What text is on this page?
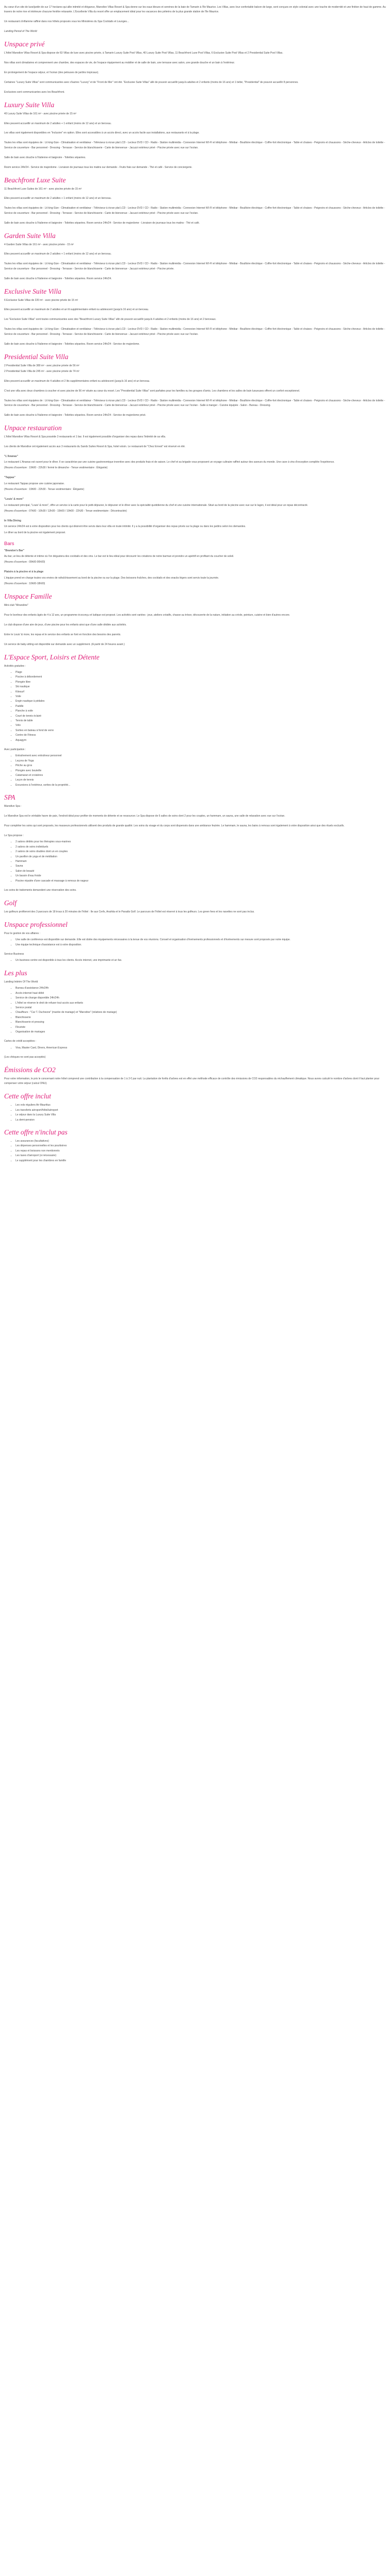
Au cœur d'un site de luxe/jardin de sur 17 hectares qui allie intimité et élégance, Marodive Villas Resort & Spa donne sur les eaux bleues et sereines de la baie de Tamarin à l'Ile Maurice. Les Villas, avec leur confortable balcon de large, sont conçues en style colonial avec une touche de modernité et une finition de haut de gamme. Au travers de notre rive et intérieure chacune fenêtre relaxante. L'Excellente Villa du resort offre un emplacement idéal pour les vacances des pèlerins de la plus grande station de l'Ile Maurice.

Un restaurant s'inflamme raffiné dans nos hôtels proposés vous les Ministères du Spa Cocktails et Lounges...

Landing Period of The World

Unspace privé

L'hôtel Marodive Villas Resort & Spa dispose de 63 Villas de luxe avec piscine privée, à Tamarin Luxury Suite Pool Villas, 40 Luxury Suite Pool Villas, 11 Beachfront Luxe Pool Villas, 6 Exclusive Suite Pool Villas et 2 Presidential Suite Pool Villas.

Nos villas sont climatisées et comprennent une chambre, des espaces de vie, de l'espace équipement au mobilier et de salle de bain, une terrasse avec salon, une grande douche et un bain à l'extérieur.

En prolongement de l'espace séjour, et l'océan (des pelouses de jardins tropicaux).

Certaines "Luxury Suite Villas" sont communicantes avec d'autres "Luxury" et de "Front de Mer" ont été. "Exclusive Suite Villas" allé de pouvoir accueillir jusqu'à adultes et 2 enfants (moins de 16 ans) et 1 bébé, "Presidential" de pouvoir accueillir 8 personnes.

Exclusives sont communicantes avec les Beachfront.

Luxury Suite Villa

40 Luxury Suite Villas de 161 m² - avec piscine privée de 15 m²

Elles peuvent accueillir un maximum de 2 adultes + 1 enfant (moins de 12 ans) et un berceau.

Les villas sont également disponibles en "Inclusive" en option. Elles sont accessibles à un accès direct, avec un accès facile aux installations, aux restaurants et à la plage.

Toutes les villas sont équipées de : Lit king-Size - Climatisation et ventilateur - Téléviseur à écran plat LCD - Lecteur DVD / CD - Radio - Station multimédia - Connexion Internet WI-FI et téléphone - Minibar - Bouilloire électrique - Coffre-fort électronique - Table et chaises - Peignoirs et chaussons - Sèche-cheveux - Articles de toilette - Service de couverture - Bar personnel - Dressing - Terrasse - Service de blanchisserie - Carte de bienvenue - Jacuzzi extérieur privé - Piscine privée avec vue sur l'océan.

Salle de bain avec douche à l'italienne et baignoire - Toilettes séparées.

Room service 24h/24 - Service de majordome - Livraison de journaux tous les matins sur demande - Fruits frais sur demande - Thé et café - Service de conciergerie.

Beachfront Luxe Suite

11 Beachfront Luxe Suites de 161 m² - avec piscine privée de 15 m²

Elles peuvent accueillir un maximum de 2 adultes + 1 enfant (moins de 12 ans) et un berceau.

Toutes les villas sont équipées de : Lit king-Size - Climatisation et ventilateur - Téléviseur à écran plat LCD - Lecteur DVD / CD - Radio - Station multimédia - Connexion Internet WI-FI et téléphone - Minibar - Bouilloire électrique - Coffre-fort électronique - Table et chaises - Peignoirs et chaussons - Sèche-cheveux - Articles de toilette - Service de couverture - Bar personnel - Dressing - Terrasse - Service de blanchisserie - Carte de bienvenue - Jacuzzi extérieur privé - Piscine privée avec vue sur l'océan.

Salle de bain avec douche à l'italienne et baignoire - Toilettes séparées. Room service 24h/24 - Service de majordome - Livraison de journaux tous les matins - Thé et café.

Garden Suite Villa

4 Garden Suite Villas de 161 m² - avec piscine privée - 15 m²

Elles peuvent accueillir un maximum de 2 adultes + 1 enfant (moins de 12 ans) et un berceau.

Toutes les villas sont équipées de : Lit king-Size - Climatisation et ventilateur - Téléviseur à écran plat LCD - Lecteur DVD / CD - Radio - Station multimédia - Connexion Internet WI-FI et téléphone - Minibar - Bouilloire électrique - Coffre-fort électronique - Table et chaises - Peignoirs et chaussons - Sèche-cheveux - Articles de toilette - Service de couverture - Bar personnel - Dressing - Terrasse - Service de blanchisserie - Carte de bienvenue - Jacuzzi extérieur privé - Piscine privée.

Salle de bain avec douche à l'italienne et baignoire - Toilettes séparées. Room service 24h/24.

Exclusive Suite Villa

6 Exclusive Suite Villas de 220 m² - avec piscine privée de 15 m²

Elles peuvent accueillir un maximum de 2 adultes et un lit supplémentaire enfant ou adolescent (jusqu'à 16 ans) et un berceau.

Les "Exclusive Suite Villas" sont toutes communicantes avec des "Beachfront Luxury Suite Villas" afin de pouvoir accueillir jusqu'à 4 adultes et 2 enfants (moins de 16 ans) et 2 berceaux.

Toutes les villas sont équipées de : Lit king-Size - Climatisation et ventilateur - Téléviseur à écran plat LCD - Lecteur DVD / CD - Radio - Station multimédia - Connexion Internet WI-FI et téléphone - Minibar - Bouilloire électrique - Coffre-fort électronique - Table et chaises - Peignoirs et chaussons - Sèche-cheveux - Articles de toilette - Service de couverture - Bar personnel - Dressing - Terrasse - Service de blanchisserie - Carte de bienvenue - Jacuzzi extérieur privé - Piscine privée avec vue sur l'océan.

Salle de bain avec douche à l'italienne et baignoire - Toilettes séparées. Room service 24h/24 - Service de majordome.

Presidential Suite Villa

2 Presidential Suite Villa de 380 m² - avec piscine privée de 56 m²

2 Presidential Suite Villa de 245 m² - avec piscine privée de 74 m²

Elles peuvent accueillir un maximum de 4 adultes et 2 lits supplémentaires enfant ou adolescent (jusqu'à 16 ans) et un berceau.

C'est une villa avec deux chambres à coucher et avec piscine de 56 m² située au cœur du resort. Les "Presidential Suite Villas" sont parfaites pour les familles ou les groupes d'amis. Les chambres et les salles de bain luxueuses offrent un confort exceptionnel.

Toutes les villas sont équipées de : Lit king-Size - Climatisation et ventilateur - Téléviseur à écran plat LCD - Lecteur DVD / CD - Radio - Station multimédia - Connexion Internet WI-FI et téléphone - Minibar - Bouilloire électrique - Coffre-fort électronique - Table et chaises - Peignoirs et chaussons - Sèche-cheveux - Articles de toilette - Service de couverture - Bar personnel - Dressing - Terrasse - Service de blanchisserie - Carte de bienvenue - Jacuzzi extérieur privé - Piscine privée avec vue sur l'océan - Salle à manger - Cuisine équipée - Salon - Bureau - Dressing.

Salle de bain avec douche à l'italienne et baignoire - Toilettes séparées. Room service 24h/24 - Service de majordome privé.

Unpace restauration

L'hôtel Marodive Villas Resort & Spa possède 3 restaurants et 1 bar. Il est également possible d'organiser des repas dans l'intimité de sa villa.

Les clients de Marodive ont également accès aux 3 restaurants du Sands Suites Resort & Spa, hotel voisin. Le restaurant de "Chez Ernest" est réservé en été.

"L'Ananas"

Le restaurant L'Ananas est ouvert pour le dîner. Il se caractérise par une cuisine gastronomique inventive avec des produits frais et de saison. Le chef et sa brigade vous proposent un voyage culinaire raffiné autour des saveurs du monde. Une cave à vins d'exception complète l'expérience.

(Heures d'ouverture : 19h00 - 22h30 / fermé le dimanche - Tenue vestimentaire : Élégante)

"Tappas"

Le restaurant Tappas propose une cuisine japonaise.

(Heures d'ouverture : 19h00 - 22h30 - Tenue vestimentaire : Élégante)

"Louis' & more"

Le restaurant principal, "Louis' & more", offre un service à la carte pour le petit-déjeuner, le déjeuner et le dîner avec la spécialité quotidienne du chef et une cuisine internationale. Situé au bord de la piscine avec vue sur le lagon, il est idéal pour un repas décontracté.

(Heures d'ouverture : 07h00 - 10h30 / 12h00 - 15h00 / 19h00 - 22h30 - Tenue vestimentaire : Décontractée)

In Villa Dining

Un service 24h/24 est à votre disposition pour les clients qui désirent être servis dans leur villa en toute intimité. Il y a la possibilité d'organiser des repas privés sur la plage ou dans les jardins selon les demandes.

Le dîner au bord de la piscine est également proposé.

Bars

"Brandon's Bar"

Au bar, un lieu de détente et intime où l'on dégustera des cocktails et des vins. Le bar est le lieu idéal pour découvrir les créations de notre barman et prendre un apéritif en profitant du coucher de soleil.

(Heures d'ouverture : 09h00-00h00)

Plaisirs à la piscine et à la plage

L'équipe prend en charge toutes vos envies de rafraîchissement au bord de la piscine ou sur la plage. Des boissons fraîches, des cocktails et des snacks légers sont servis toute la journée.

(Heures d'ouverture : 10h00-18h00)

Unspace Famille

Mini-club "Mirandine"

Pour le bonheur des enfants âgés de 4 à 12 ans, un programme écoconçu et ludique est proposé. Les activités sont variées : jeux, ateliers créatifs, chasse au trésor, découverte de la nature, initiation au créole, peinture, cuisine et bien d'autres encore.

Le club dispose d'une aire de jeux, d'une piscine pour les enfants ainsi que d'une salle dédiée aux activités.

Entre le Louis' & more, les repas et le service des enfants se font en fonction des besoins des parents.

Un service de baby-sitting est disponible sur demande avec un supplément. (A partir de 24 heures avant.)

L'Espace Sport, Loisirs et Détente

Activités gratuites :

• Plage
• Piscine à débordement
• Plongée libre
• Ski nautique
• Kitesurf
• Voile
• Engin nautique à pédales
• Paddle
• Planche à voile
• Court de tennis éclairé
• Tennis de table
• Vélo
• Sorties en bateau à fond de verre
• Centre de Fitness
• Aquagym

Avec participation :

• Entraînement avec entraîneur personnel
• Leçons de Yoga
• Pêche au gros
• Plongée avec bouteille
• Catamaran et croisières
• Leçon de tennis
• Excursions à l'extérieur, sorties de la propriété...
SPA

Marodive Spa :

Le Marodive Spa est le véritable havre de paix, l'endroit idéal pour profiter de moments de détente et se ressourcer. Le Spa dispose de 6 salles de soins dont 2 pour les couples, un hammam, un sauna, une salle de relaxation avec vue sur l'océan.

Pour compléter les soins qui sont proposés, les masseurs professionnels utilisent des produits de grande qualité. Les soins du visage et du corps sont dispensés dans une ambiance feutrée. Le hammam, le sauna, les bains à remous sont également à votre disposition ainsi que des rituels exclusifs.

Le Spa propose :

• 2 salons dédiés pour les thérapies sous-marines
• 2 salons de soins individuels
• 2 salons de soins doubles dont un en couples
• Un pavillon de yoga et de méditation
• Hammam
• Sauna
• Salon de beauté
• Un bassin d'eau froide
• Piscine réputée d'une cascade et massage à remous de nageur

Les soins de traitements demandent une réservation des soins.

Golf

Les golfeurs profiteront des 3 parcours de 18 trous à 20 minutes de l'hôtel : Ile aux Cerfs, Anahita et le Paradis Golf. Le parcours de l'hôtel est réservé à tous les golfeurs. Les green fees et les navettes ne sont pas inclus.

Unspace professionnel

Pour le gestion de vos affaires :

• Une salle de conférence est disponible sur demande. Elle est dotée des équipements nécessaires à la tenue de vos réunions. Conseil et organisation d'événements professionnels et d'événements sur mesure sont proposés par notre équipe.
• Une équipe technique d'assistance est à votre disposition.

Service Business

• Un business centre est disponible à tous les clients. Accès internet, une imprimante et un fax.
Les plus

Landing Intérim Of The World

• Bureau d'assistance 24h/24h
• Accès internet haut débit
• Service de change disponible 24h/24h
• L'hôtel se réserve le droit de refuser tout accès aux enfants
• Service postal
• Chauffeurs : "Car T. Duchesne" (mariée de mariage) et "Marodive" (relatives de mariage)
• Blanchisserie
• Blanchisserie et pressing
• Fleuriste
• Organisation de mariages

Cartes de crédit acceptées :

• Visa, Master Card, Diners, American Express

(Les chèques ne sont pas acceptés)

Émissions de CO2

Pour votre information, le prix le concernant notre hôtel comprend une contribution à la compensation de 1 à 3 € par nuit. La plantation de forêts d'arbres est en effet une méthode efficace de contrôle des émissions de CO2 responsables du réchauffement climatique. Nous avons calculé le nombre d'arbres dont il faut planter pour compenser votre séjour (calcul ONU).

Cette offre inclut
• Les vols réguliers Air Mauritius
• Les transferts aéroport/hôtel/aéroport
• Le séjour dans la Luxury Suite Villa
• La demi-pension
Cette offre n'inclut pas
• Les assurances (facultatives)
• Les dépenses personnelles et les pourboires
• Les repas et boissons non mentionnés
• Les taxes d'aéroport (si nécessaire)
• Le supplément pour les chambres en famille
